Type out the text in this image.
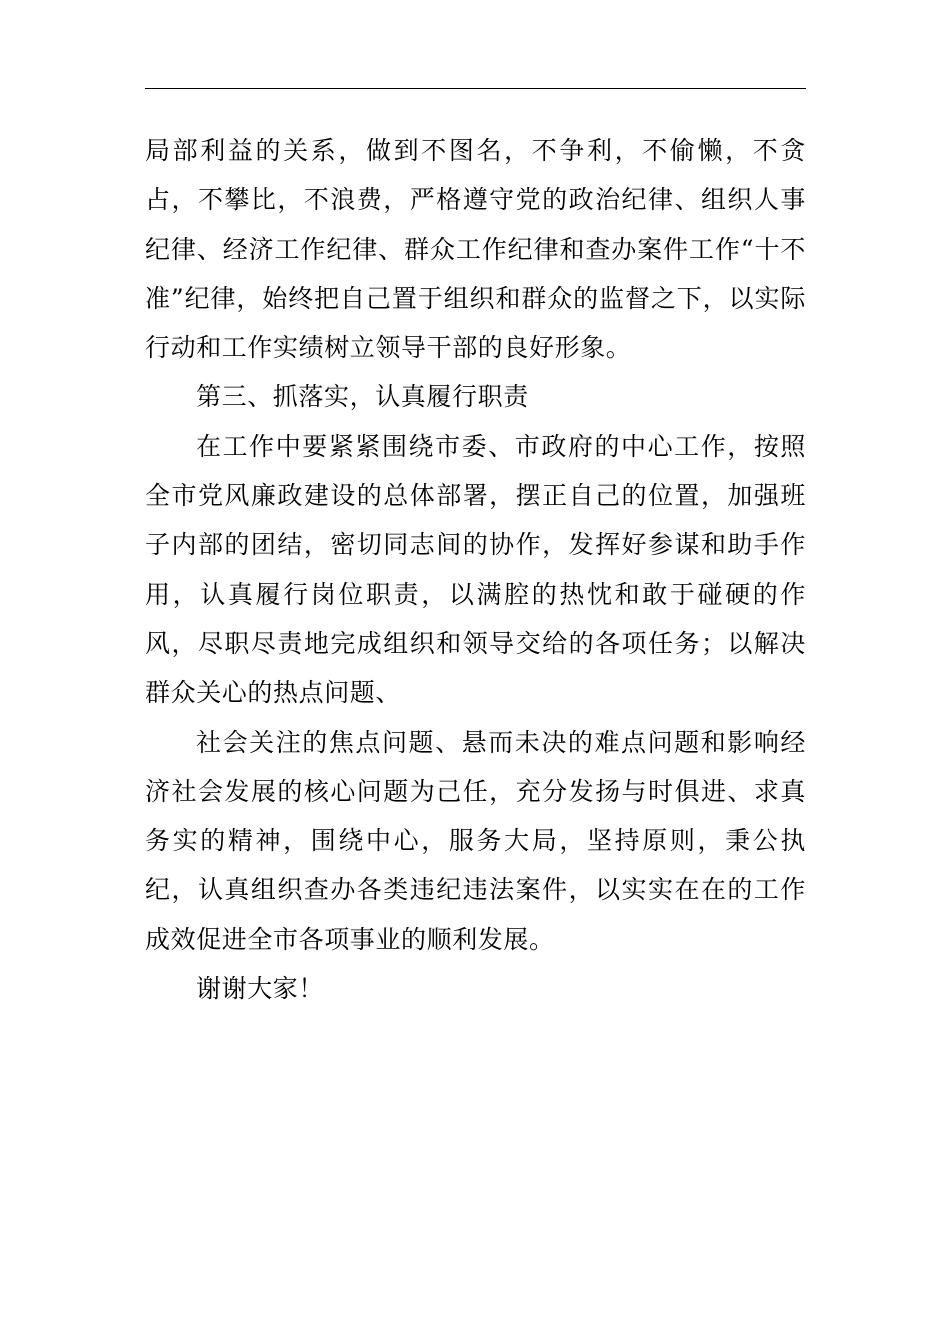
局部利益的关系，做到不图名，不争利，不偷懒，不贪占，不攀比，不浪费，严格遵守党的政治纪律、组织人事纪律、经济工作纪律、群众工作纪律和查办案件工作“十不准”纪律，始终把自己置于组织和群众的监督之下，以实际行动和工作实绩树立领导干部的良好形象。

第三、抓落实，认真履行职责

在工作中要紧紧围绕市委、市政府的中心工作，按照全市党风廉政建设的总体部署，摆正自己的位置，加强班子内部的团结，密切同志间的协作，发挥好参谋和助手作用，认真履行岗位职责，以满腔的热忱和敢于碰硬的作风，尽职尽责地完成组织和领导交给的各项任务；以解决群众关心的热点问题、

社会关注的焦点问题、悬而未决的难点问题和影响经济社会发展的核心问题为己任，充分发扬与时俱进、求真务实的精神，围绕中心，服务大局，坚持原则，秉公执纪，认真组织查办各类违纪违法案件，以实实在在的工作成效促进全市各项事业的顺利发展。

谢谢大家！
